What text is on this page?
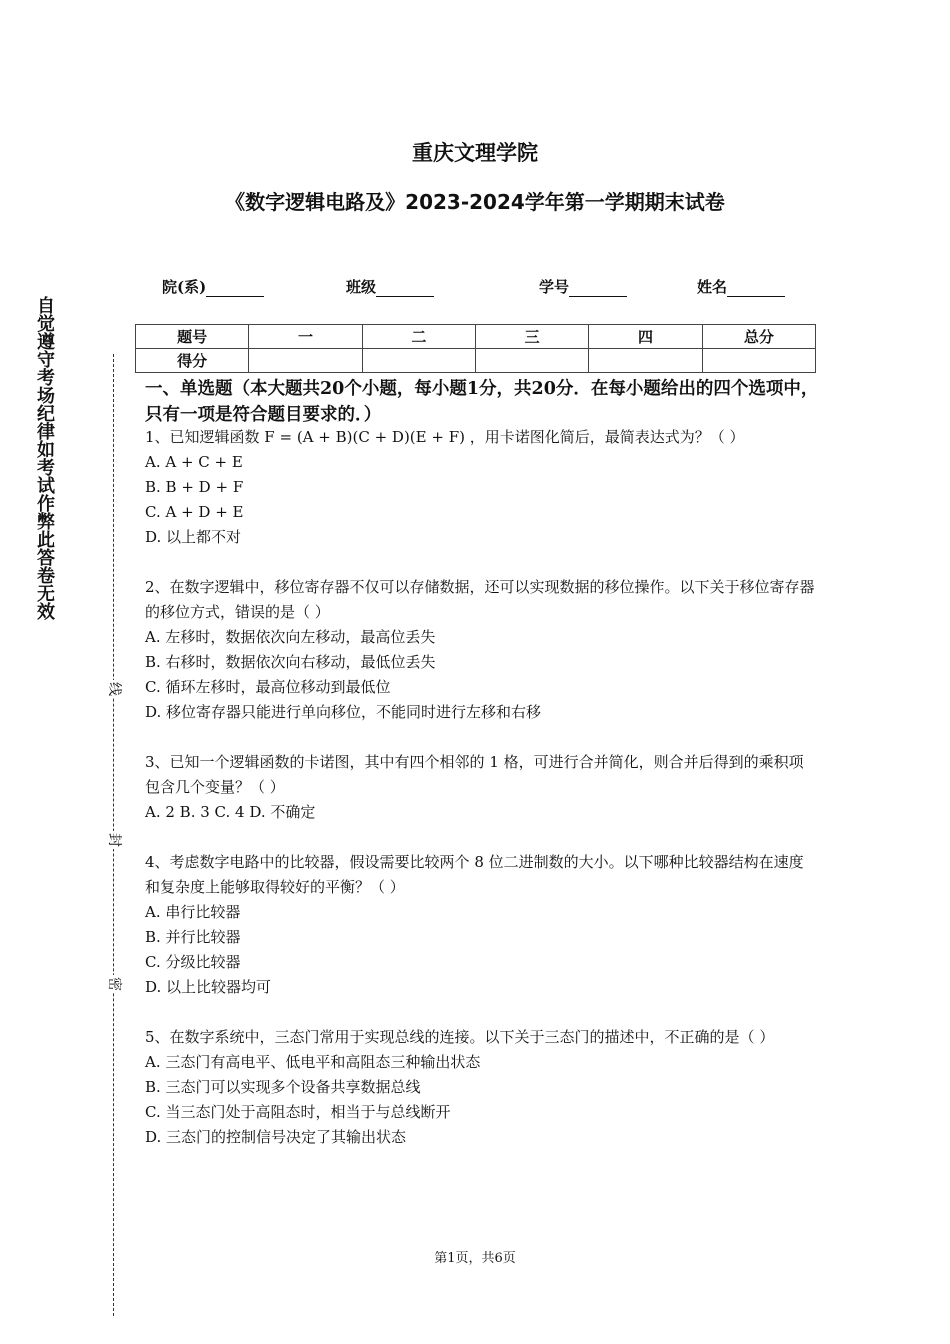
重庆文理学院
《数字逻辑电路及》2023-2024学年第一学期期末试卷
院(系)	班级	学号	姓名
题号	一	二	三	四	总分
得分					
一、单选题（本大题共20个小题，每小题1分，共20分．在每小题给出的四个选项中，只有一项是符合题目要求的．）

1、已知逻辑函数 F = (A + B)(C + D)(E + F) ，用卡诺图化简后，最简表达式为？（ ）

A. A + C + E

B. B + D + F

C. A + D + E

D. 以上都不对

2、在数字逻辑中，移位寄存器不仅可以存储数据，还可以实现数据的移位操作。以下关于移位寄存器的移位方式，错误的是（ ）

A. 左移时，数据依次向左移动，最高位丢失

B. 右移时，数据依次向右移动，最低位丢失

C. 循环左移时，最高位移动到最低位

D. 移位寄存器只能进行单向移位，不能同时进行左移和右移

3、已知一个逻辑函数的卡诺图，其中有四个相邻的 1 格，可进行合并简化，则合并后得到的乘积项包含几个变量？（ ）

A. 2 B. 3 C. 4 D. 不确定

4、考虑数字电路中的比较器，假设需要比较两个 8 位二进制数的大小。以下哪种比较器结构在速度和复杂度上能够取得较好的平衡？（ ）

A. 串行比较器

B. 并行比较器

C. 分级比较器

D. 以上比较器均可

5、在数字系统中，三态门常用于实现总线的连接。以下关于三态门的描述中，不正确的是（ ）

A. 三态门有高电平、低电平和高阻态三种输出状态

B. 三态门可以实现多个设备共享数据总线

C. 当三态门处于高阻态时，相当于与总线断开

D. 三态门的控制信号决定了其输出状态

第1页，共6页
自觉遵守考场纪律如考试作弊此答卷无效
线
封
密
